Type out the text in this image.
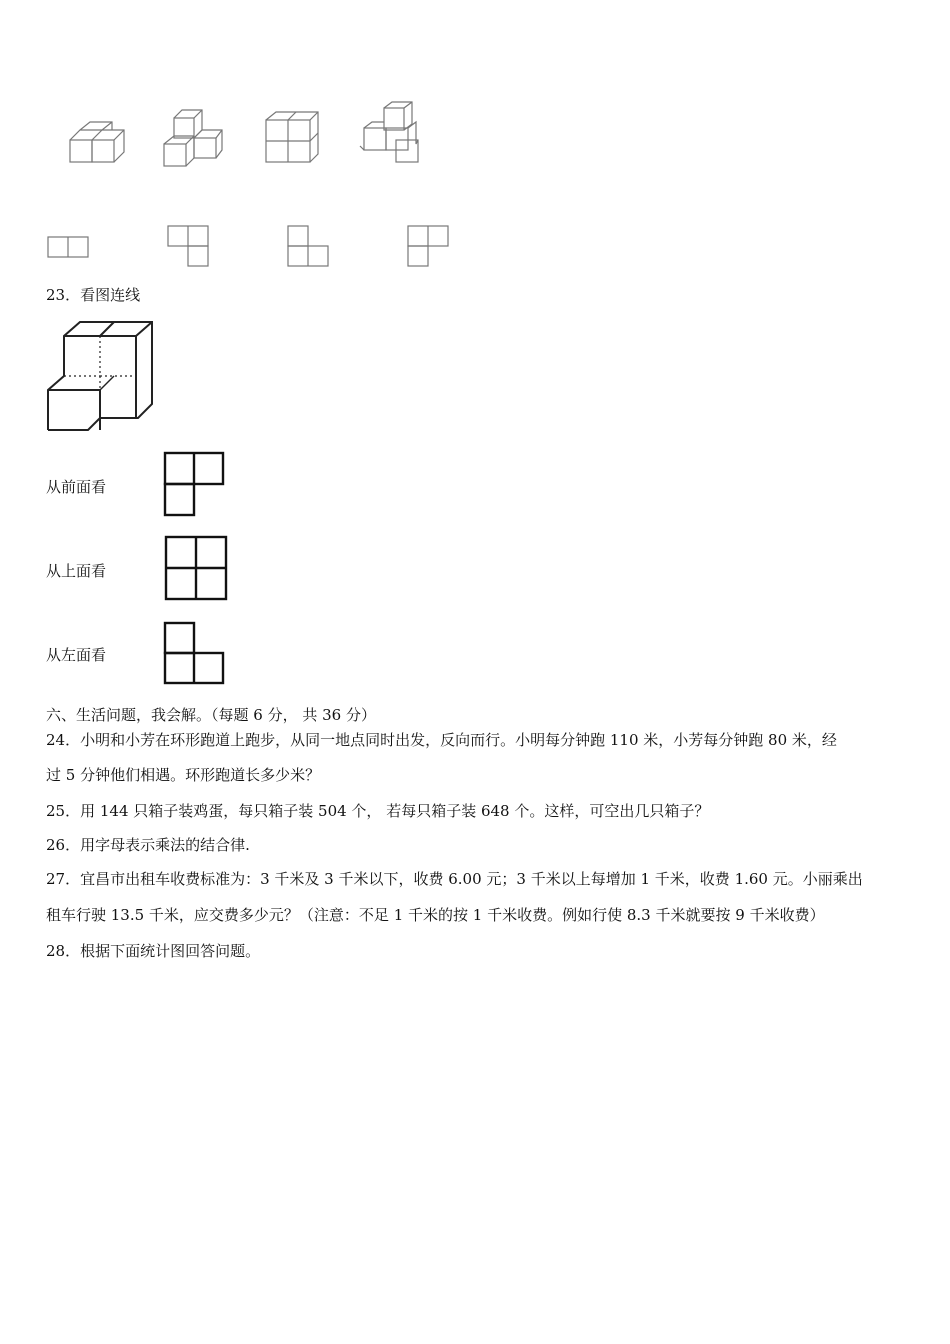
23．看图连线
从前面看
从上面看
从左面看
六、生活问题，我会解。（每题 6 分， 共 36 分）
24．小明和小芳在环形跑道上跑步，从同一地点同时出发，反向而行。小明每分钟跑 110 米，小芳每分钟跑 80 米，经
过 5 分钟他们相遇。环形跑道长多少米？
25．用 144 只箱子装鸡蛋，每只箱子装 504 个， 若每只箱子装 648 个。这样，可空出几只箱子？
26．用字母表示乘法的结合律.
27．宜昌市出租车收费标准为：3 千米及 3 千米以下，收费 6.00 元；3 千米以上每增加 1 千米，收费 1.60 元。小丽乘出
租车行驶 13.5 千米，应交费多少元？（注意：不足 1 千米的按 1 千米收费。例如行使 8.3 千米就要按 9 千米收费）
28．根据下面统计图回答问题。
